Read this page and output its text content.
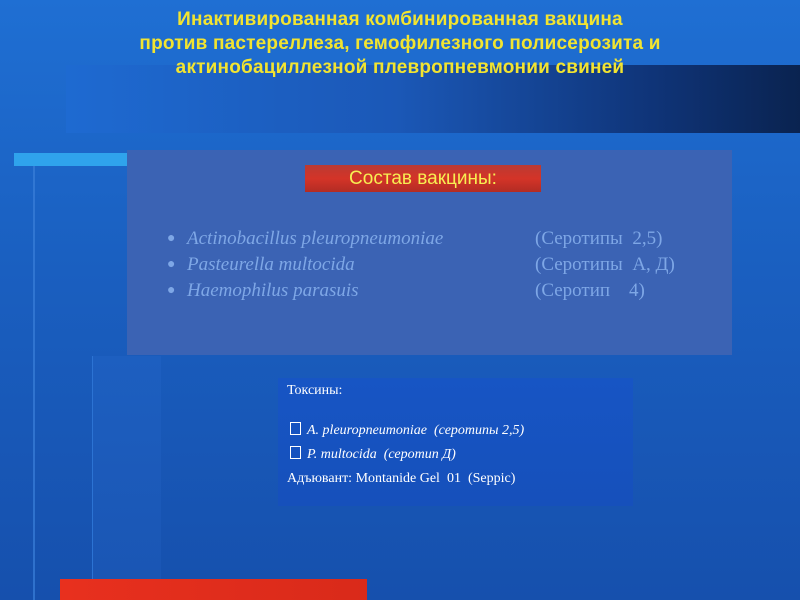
Инактивированная комбинированная вакцина
против пастереллеза, гемофилезного полисерозита и
актинобациллезной плевропневмонии свиней
Состав вакцины:
● Actinobacillus pleuropneumoniae
● Pasteurella multocida
● Haemophilus parasuis
(Серотипы  2,5)
(Серотипы  А, Д)
(Серотип    4)
Токсины:

A. pleuropneumoniae  (серотипы 2,5)

P. multocida  (серотип Д)

Адъювант: Montanide Gel  01  (Seppic)
